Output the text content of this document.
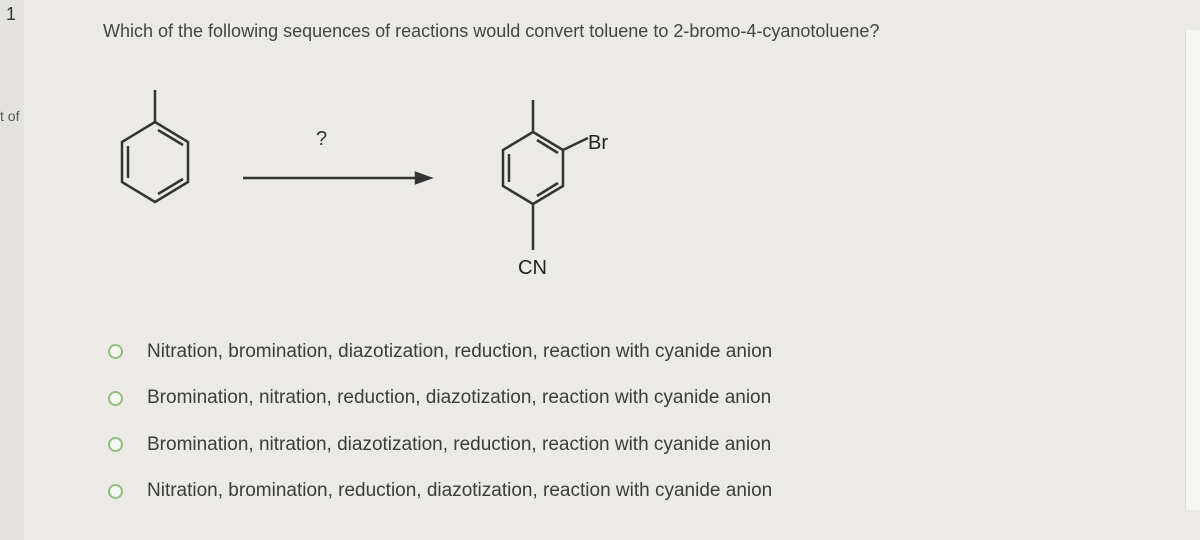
1
t of
Which of the following sequences of reactions would convert toluene to 2-bromo-4-cyanotoluene?
?	Br
CN
Nitration, bromination, diazotization, reduction, reaction with cyanide anion
Bromination, nitration, reduction, diazotization, reaction with cyanide anion
Bromination, nitration, diazotization, reduction, reaction with cyanide anion
Nitration, bromination, reduction, diazotization, reaction with cyanide anion
